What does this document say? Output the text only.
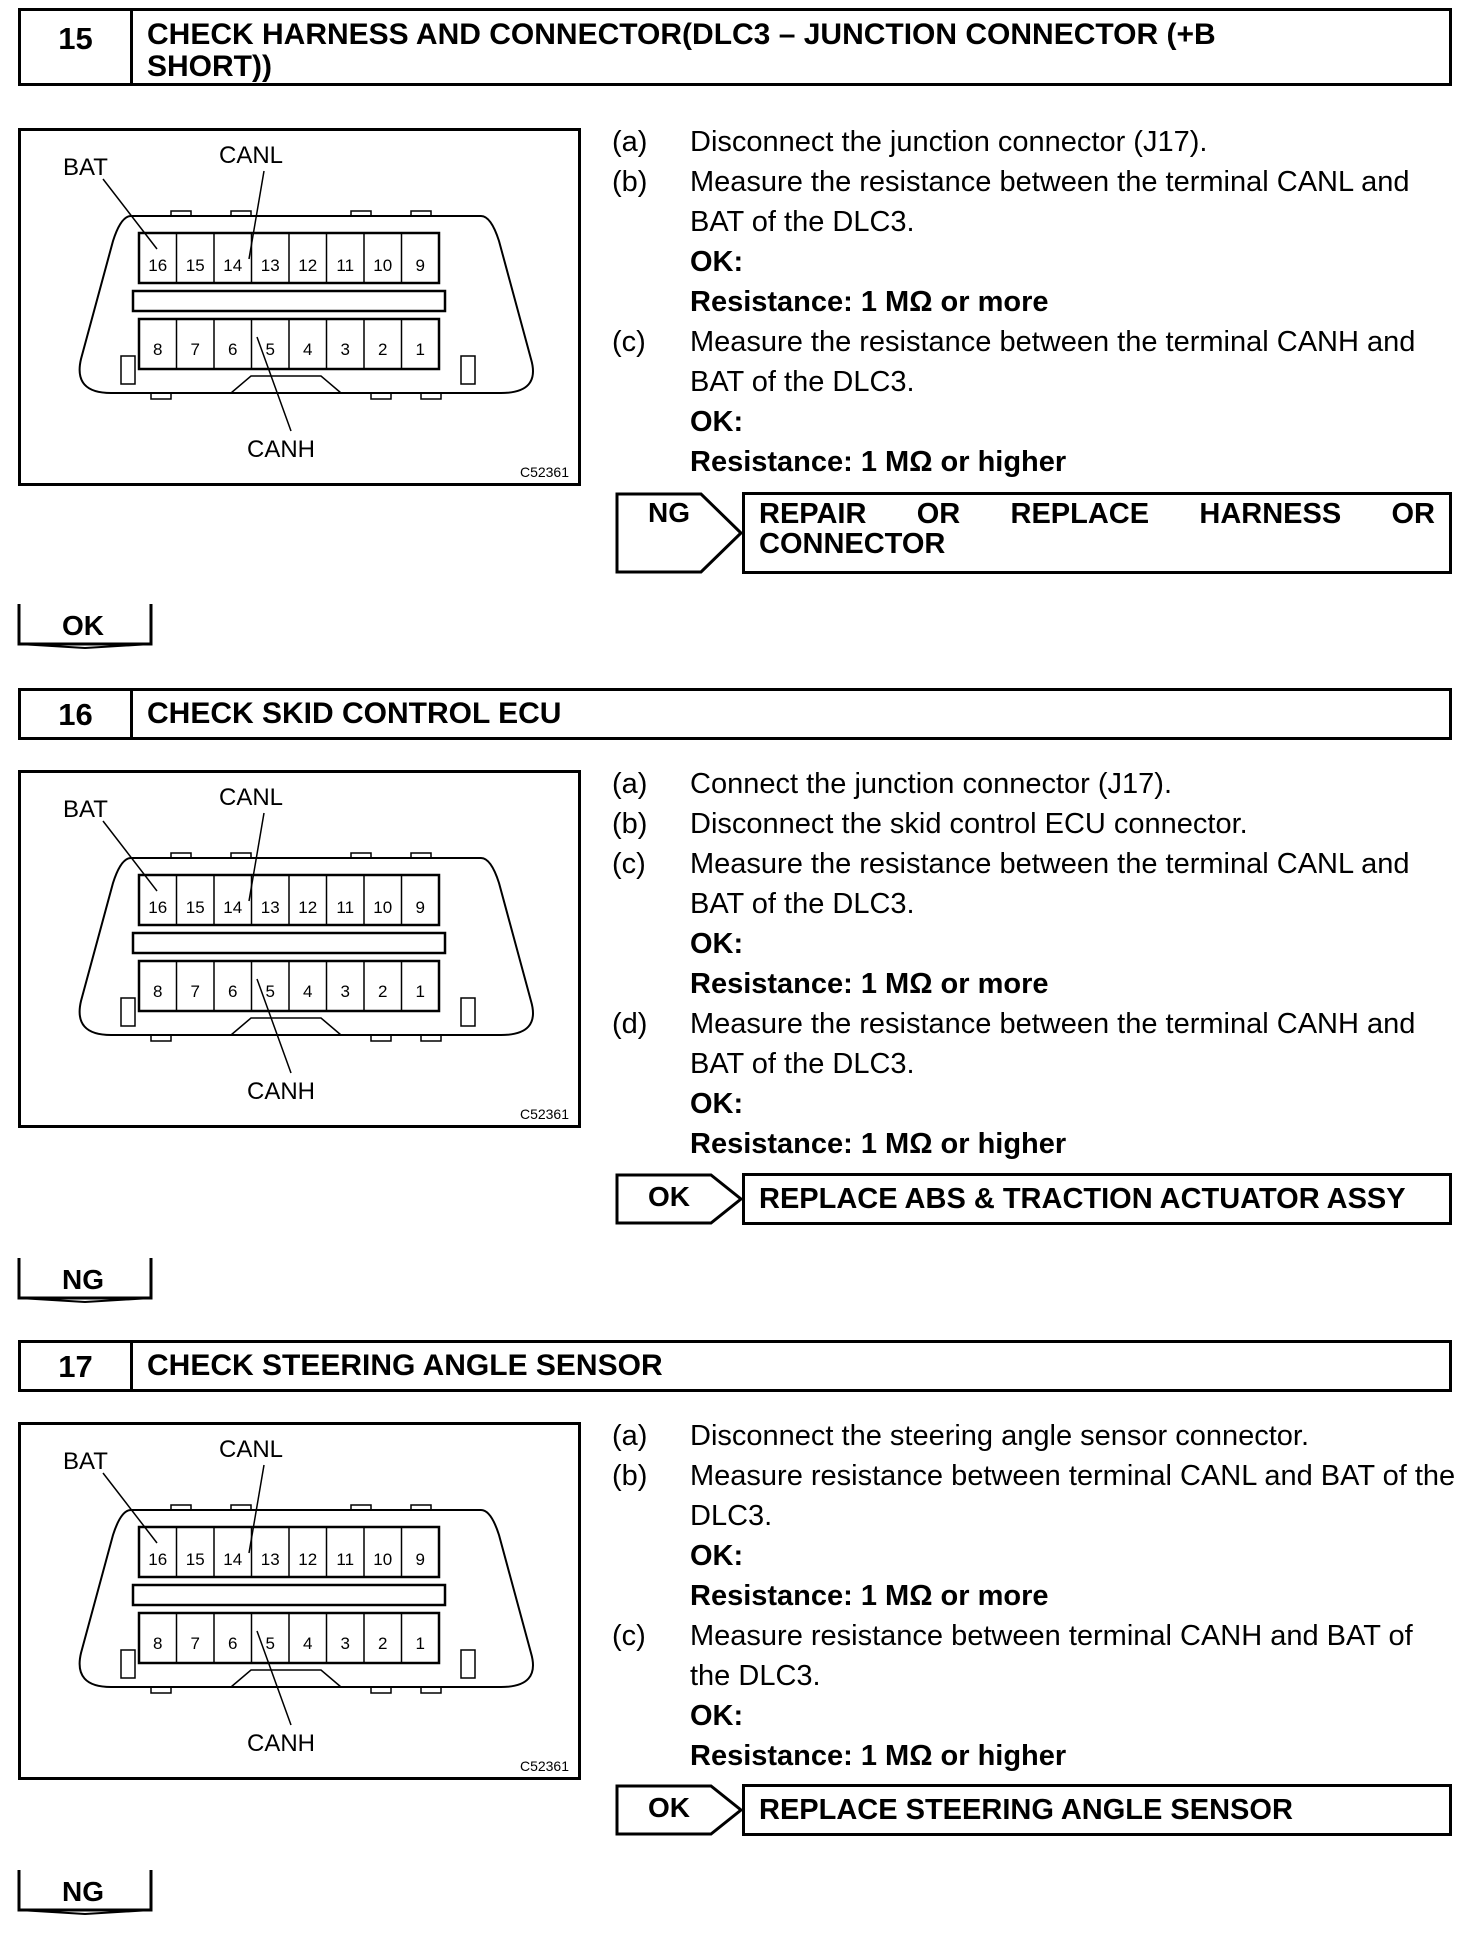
15	CHECK HARNESS AND CONNECTOR(DLC3 – JUNCTION CONNECTOR (+B
SHORT))
16
8
15
7
14
6
13
5
12
4
11
3
10
2
9
1
BAT	CANL
CANH
C52361
(a)	Disconnect the junction connector (J17).
(b)	Measure the resistance between the terminal CANL and BAT of the DLC3.
OK:
Resistance: 1 MΩ or more
(c)	Measure the resistance between the terminal CANH and BAT of the DLC3.
OK:
Resistance: 1 MΩ or higher
NG REPAIR OR REPLACE HARNESS OR
CONNECTOR
OK
16	CHECK SKID CONTROL ECU
16
8
15
7
14
6
13
5
12
4
11
3
10
2
9
1
BAT	CANL
CANH
C52361
(a)	Connect the junction connector (J17).
(b)	Disconnect the skid control ECU connector.
(c)	Measure the resistance between the terminal CANL and BAT of the DLC3.
OK:
Resistance: 1 MΩ or more
(d)	Measure the resistance between the terminal CANH and BAT of the DLC3.
OK:
Resistance: 1 MΩ or higher
OK REPLACE ABS & TRACTION ACTUATOR ASSY
NG
17	CHECK STEERING ANGLE SENSOR
16
8
15
7
14
6
13
5
12
4
11
3
10
2
9
1
BAT	CANL
CANH
C52361
(a)	Disconnect the steering angle sensor connector.
(b)	Measure resistance between terminal CANL and BAT of the DLC3.
OK:
Resistance: 1 MΩ or more
(c)	Measure resistance between terminal CANH and BAT of the DLC3.
OK:
Resistance: 1 MΩ or higher
OK REPLACE STEERING ANGLE SENSOR
NG
